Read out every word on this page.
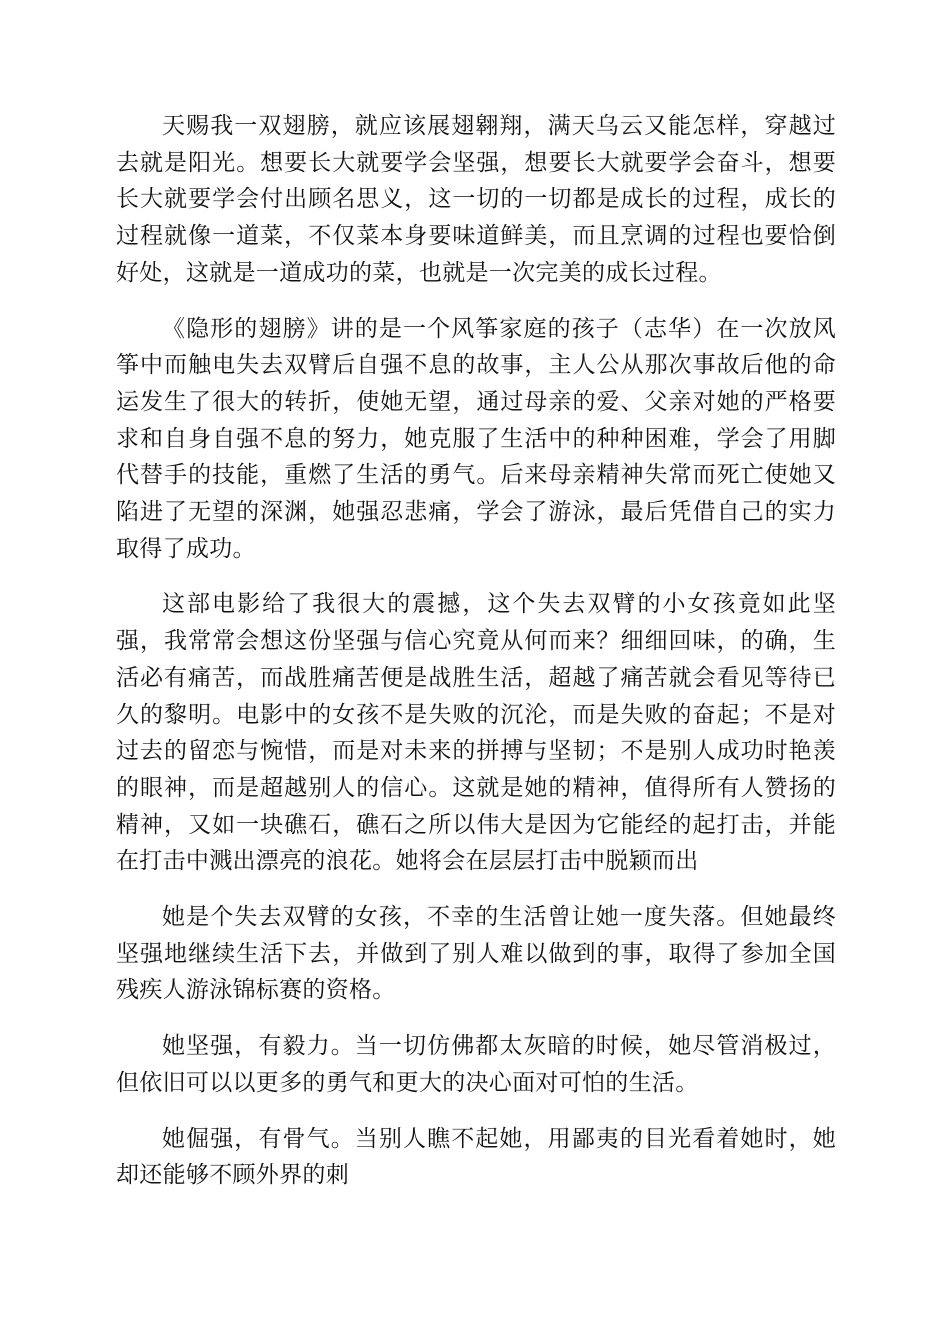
天赐我一双翅膀，就应该展翅翱翔，满天乌云又能怎样，穿越过去就是阳光。想要长大就要学会坚强，想要长大就要学会奋斗，想要长大就要学会付出顾名思义，这一切的一切都是成长的过程，成长的过程就像一道菜，不仅菜本身要味道鲜美，而且烹调的过程也要恰倒好处，这就是一道成功的菜，也就是一次完美的成长过程。

《隐形的翅膀》讲的是一个风筝家庭的孩子（志华）在一次放风筝中而触电失去双臂后自强不息的故事，主人公从那次事故后他的命运发生了很大的转折，使她无望，通过母亲的爱、父亲对她的严格要求和自身自强不息的努力，她克服了生活中的种种困难，学会了用脚代替手的技能，重燃了生活的勇气。后来母亲精神失常而死亡使她又陷进了无望的深渊，她强忍悲痛，学会了游泳，最后凭借自己的实力取得了成功。

这部电影给了我很大的震撼，这个失去双臂的小女孩竟如此坚强，我常常会想这份坚强与信心究竟从何而来？细细回味，的确，生活必有痛苦，而战胜痛苦便是战胜生活，超越了痛苦就会看见等待已久的黎明。电影中的女孩不是失败的沉沦，而是失败的奋起；不是对过去的留恋与惋惜，而是对未来的拼搏与坚韧；不是别人成功时艳羡的眼神，而是超越别人的信心。这就是她的精神，值得所有人赞扬的精神，又如一块礁石，礁石之所以伟大是因为它能经的起打击，并能在打击中溅出漂亮的浪花。她将会在层层打击中脱颖而出

她是个失去双臂的女孩，不幸的生活曾让她一度失落。但她最终坚强地继续生活下去，并做到了别人难以做到的事，取得了参加全国残疾人游泳锦标赛的资格。

她坚强，有毅力。当一切仿佛都太灰暗的时候，她尽管消极过，但依旧可以以更多的勇气和更大的决心面对可怕的生活。

她倔强，有骨气。当别人瞧不起她，用鄙夷的目光看着她时，她却还能够不顾外界的刺
